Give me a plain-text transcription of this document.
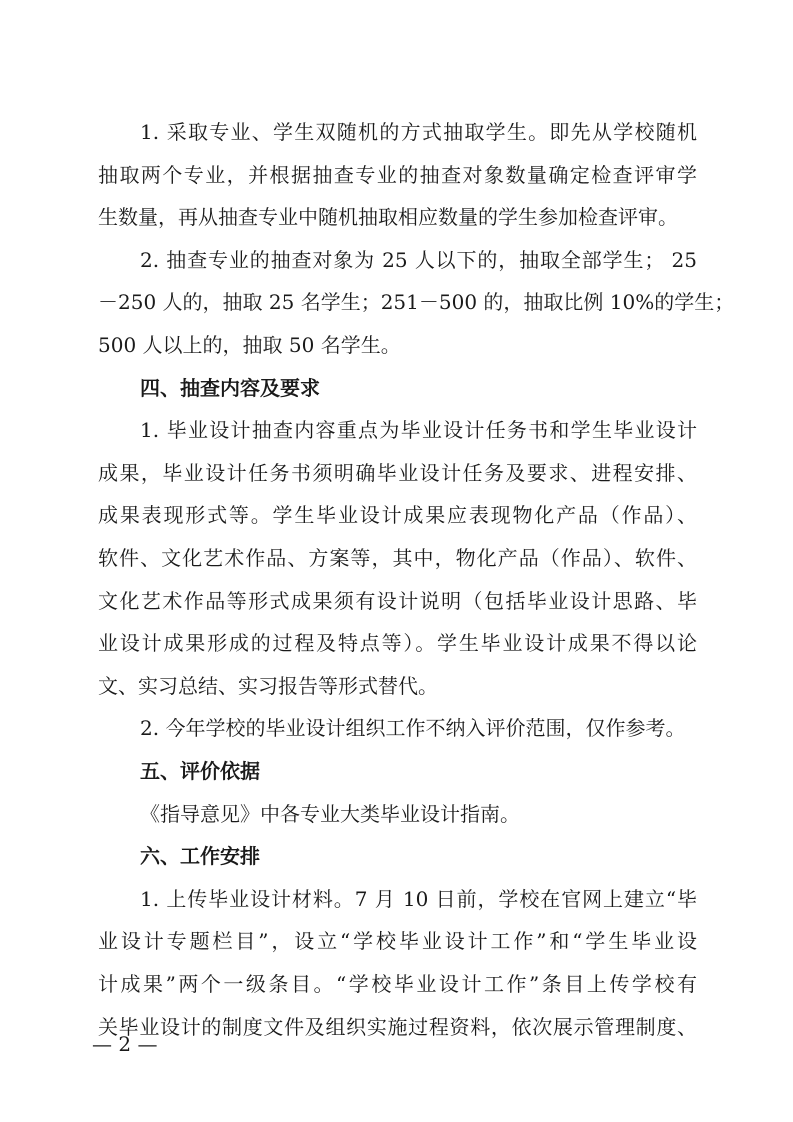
1. 采取专业、学生双随机的方式抽取学生。即先从学校随机
抽取两个专业，并根据抽查专业的抽查对象数量确定检查评审学
生数量，再从抽查专业中随机抽取相应数量的学生参加检查评审。
2. 抽查专业的抽查对象为 25 人以下的，抽取全部学生； 25
－250 人的，抽取 25 名学生；251－500 的，抽取比例 10%的学生；
500 人以上的，抽取 50 名学生。
四、抽查内容及要求
1. 毕业设计抽查内容重点为毕业设计任务书和学生毕业设计
成果，毕业设计任务书须明确毕业设计任务及要求、进程安排、
成果表现形式等。学生毕业设计成果应表现物化产品（作品）、
软件、文化艺术作品、方案等，其中，物化产品（作品）、软件、
文化艺术作品等形式成果须有设计说明（包括毕业设计思路、毕
业设计成果形成的过程及特点等）。学生毕业设计成果不得以论
文、实习总结、实习报告等形式替代。
2. 今年学校的毕业设计组织工作不纳入评价范围，仅作参考。
五、评价依据
《指导意见》中各专业大类毕业设计指南。
六、工作安排
1. 上传毕业设计材料。7 月 10 日前，学校在官网上建立“毕
业设计专题栏目”，设立“学校毕业设计工作”和“学生毕业设
计成果”两个一级条目。“学校毕业设计工作”条目上传学校有
— 2 —
关毕业设计的制度文件及组织实施过程资料，依次展示管理制度、
